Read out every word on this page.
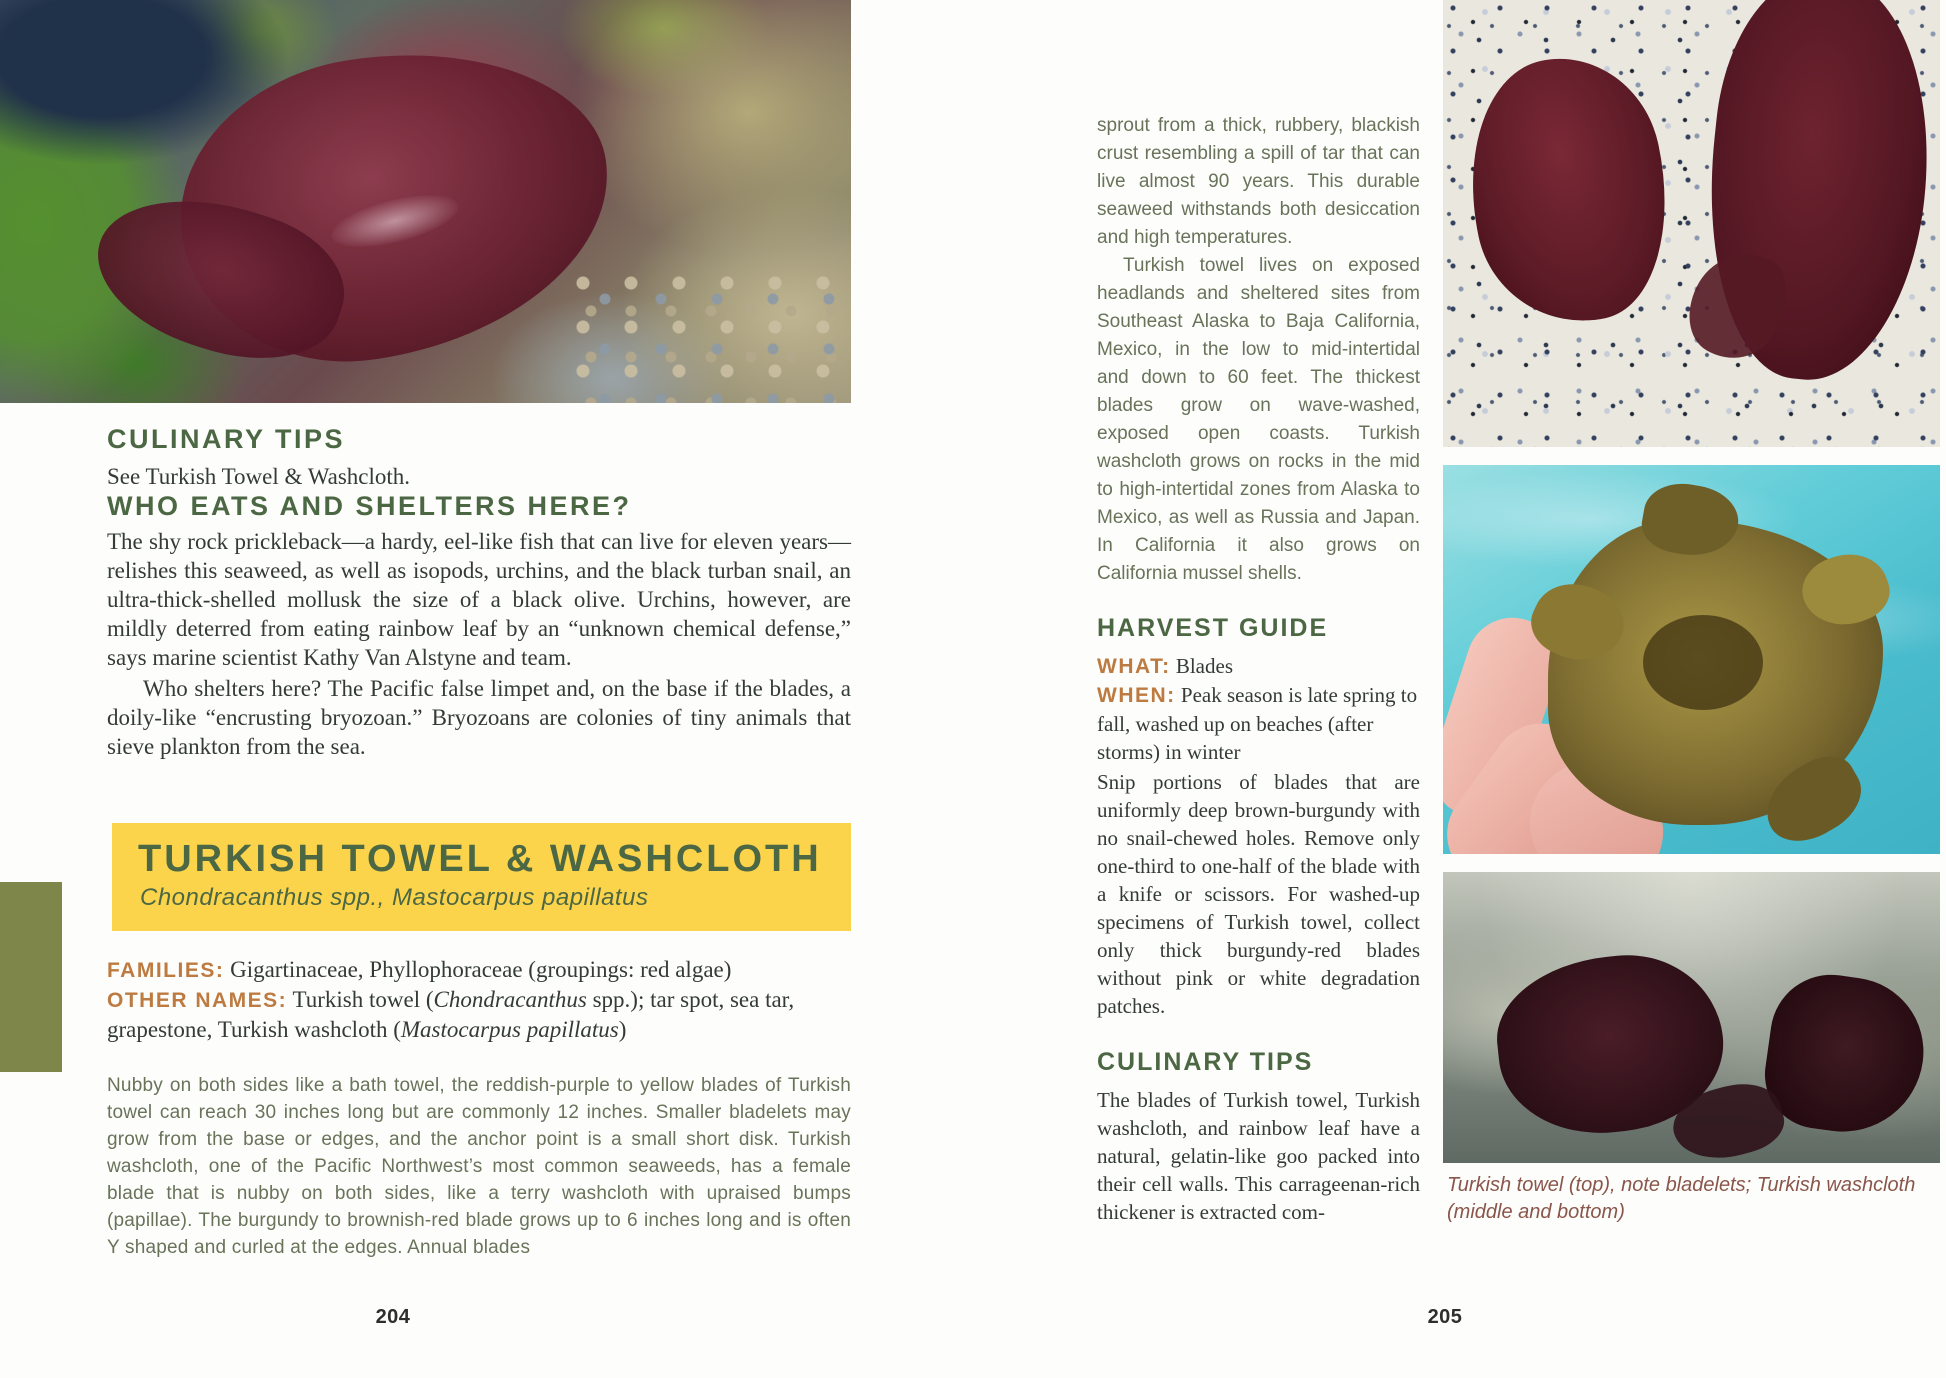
CULINARY TIPS

See Turkish Towel & Washcloth.

WHO EATS AND SHELTERS HERE?

The shy rock prickleback—a hardy, eel-like fish that can live for eleven years—relishes this seaweed, as well as isopods, urchins, and the black turban snail, an ultra-thick-shelled mollusk the size of a black olive. Urchins, however, are mildly deterred from eating rainbow leaf by an “unknown chemical defense,” says marine scientist Kathy Van Alstyne and team.

Who shelters here? The Pacific false limpet and, on the base if the blades, a doily-like “encrusting bryozoan.” Bryozoans are colonies of tiny animals that sieve plankton from the sea.

TURKISH TOWEL & WASHCLOTH

Chondracanthus spp., Mastocarpus papillatus

FAMILIES: Gigartinaceae, Phyllophoraceae (groupings: red algae)

OTHER NAMES: Turkish towel (Chondracanthus spp.); tar spot, sea tar, grapestone, Turkish washcloth (Mastocarpus papillatus)

Nubby on both sides like a bath towel, the reddish-purple to yellow blades of Turkish towel can reach 30 inches long but are commonly 12 inches. Smaller bladelets may grow from the base or edges, and the anchor point is a small short disk. Turkish washcloth, one of the Pacific Northwest’s most common seaweeds, has a female blade that is nubby on both sides, like a terry washcloth with upraised bumps (papillae). The burgundy to brownish-red blade grows up to 6 inches long and is often Y shaped and curled at the edges. Annual blades

204

sprout from a thick, rubbery, blackish crust resembling a spill of tar that can live almost 90 years. This durable seaweed withstands both desiccation and high temperatures.

Turkish towel lives on exposed headlands and sheltered sites from Southeast Alaska to Baja California, Mexico, in the low to mid-intertidal and down to 60 feet. The thickest blades grow on wave-washed, exposed open coasts. Turkish washcloth grows on rocks in the mid to high-intertidal zones from Alaska to Mexico, as well as Russia and Japan. In California it also grows on California mussel shells.

HARVEST GUIDE

WHAT: Blades

WHEN: Peak season is late spring to fall, washed up on beaches (after storms) in winter

Snip portions of blades that are uniformly deep brown-burgundy with no snail-chewed holes. Remove only one-third to one-half of the blade with a knife or scissors. For washed-up specimens of Turkish towel, collect only thick burgundy-red blades without pink or white degradation patches.

CULINARY TIPS

The blades of Turkish towel, Turkish washcloth, and rainbow leaf have a natural, gelatin-like goo packed into their cell walls. This carrageenan-rich thickener is extracted com-

Turkish towel (top), note bladelets; Turkish washcloth (middle and bottom)
205
